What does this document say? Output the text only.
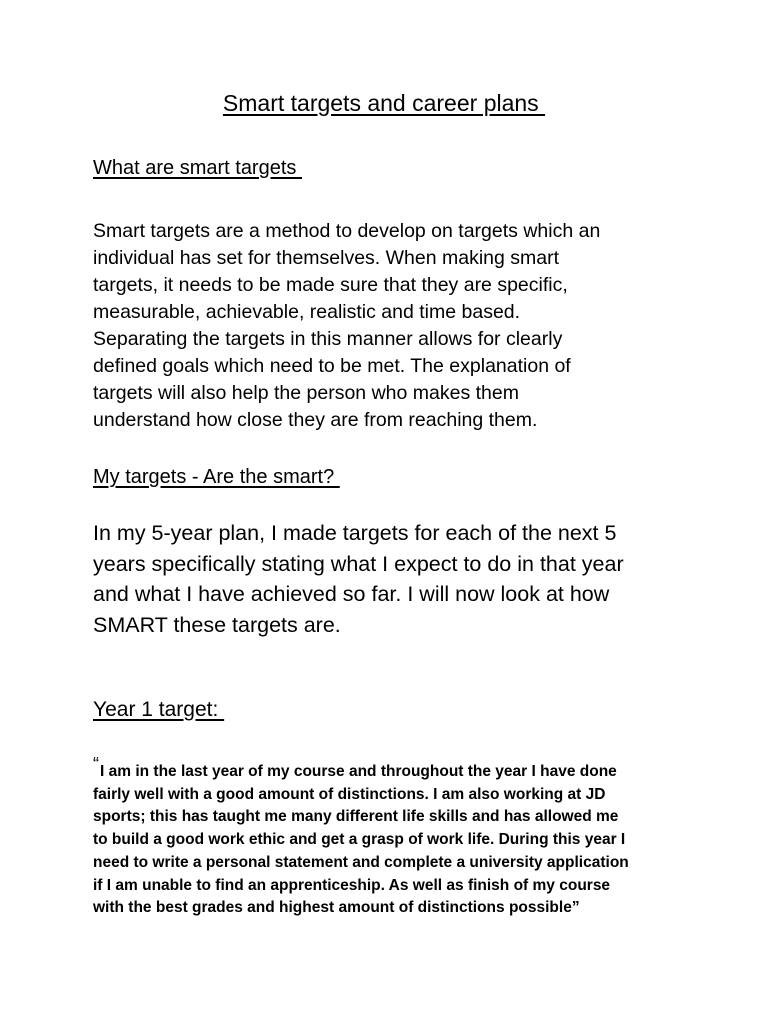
Smart targets and career plans
What are smart targets
Smart targets are a method to develop on targets which an
individual has set for themselves. When making smart
targets, it needs to be made sure that they are specific,
measurable, achievable, realistic and time based.
Separating the targets in this manner allows for clearly
defined goals which need to be met. The explanation of
targets will also help the person who makes them
understand how close they are from reaching them.
My targets - Are the smart?
In my 5-year plan, I made targets for each of the next 5
years specifically stating what I expect to do in that year
and what I have achieved so far. I will now look at how
SMART these targets are.
Year 1 target:
“I am in the last year of my course and throughout the year I have done
fairly well with a good amount of distinctions. I am also working at JD
sports; this has taught me many different life skills and has allowed me
to build a good work ethic and get a grasp of work life. During this year I
need to write a personal statement and complete a university application
if I am unable to find an apprenticeship. As well as finish of my course
with the best grades and highest amount of distinctions possible”
